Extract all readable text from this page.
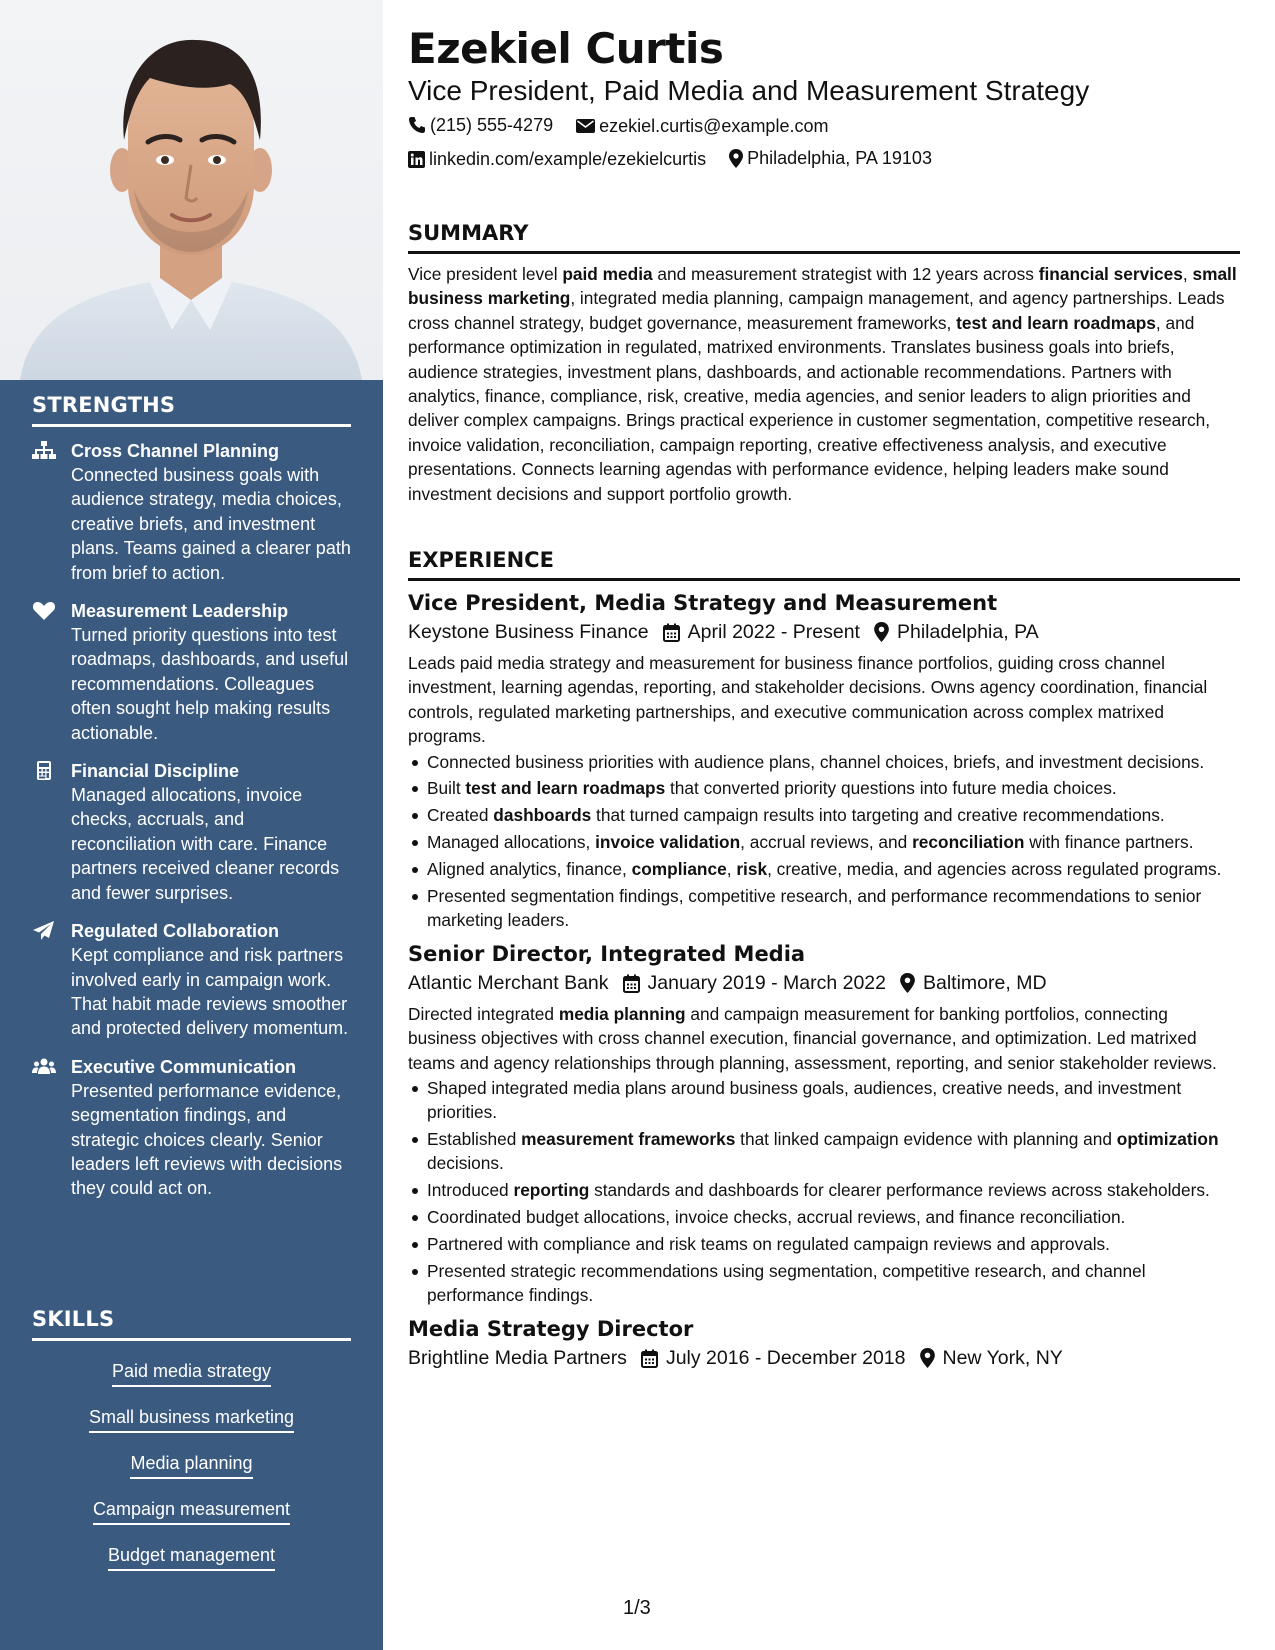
STRENGTHS
Cross Channel Planning
Connected business goals with audience strategy, media choices, creative briefs, and investment plans. Teams gained a clearer path from brief to action.
Measurement Leadership
Turned priority questions into test roadmaps, dashboards, and useful recommendations. Colleagues often sought help making results actionable.
Financial Discipline
Managed allocations, invoice checks, accruals, and reconciliation with care. Finance partners received cleaner records and fewer surprises.
Regulated Collaboration
Kept compliance and risk partners involved early in campaign work. That habit made reviews smoother and protected delivery momentum.
Executive Communication
Presented performance evidence, segmentation findings, and strategic choices clearly. Senior leaders left reviews with decisions they could act on.
SKILLS
Paid media strategy
Small business marketing
Media planning
Campaign measurement
Budget management
Ezekiel Curtis
Vice President, Paid Media and Measurement Strategy
(215) 555-4279
	ezekiel.curtis@example.com
linkedin.com/example/ezekielcurtis
Philadelphia, PA 19103
SUMMARY
Vice president level paid media and measurement strategist with 12 years across financial services, small business marketing, integrated media planning, campaign management, and agency partnerships. Leads cross channel strategy, budget governance, measurement frameworks, test and learn roadmaps, and performance optimization in regulated, matrixed environments. Translates business goals into briefs, audience strategies, investment plans, dashboards, and actionable recommendations. Partners with analytics, finance, compliance, risk, creative, media agencies, and senior leaders to align priorities and deliver complex campaigns. Brings practical experience in customer segmentation, competitive research, invoice validation, reconciliation, campaign reporting, creative effectiveness analysis, and executive presentations. Connects learning agendas with performance evidence, helping leaders make sound investment decisions and support portfolio growth.
EXPERIENCE
Vice President, Media Strategy and Measurement
Keystone Business Finance April 2022 - Present Philadelphia, PA
Leads paid media strategy and measurement for business finance portfolios, guiding cross channel investment, learning agendas, reporting, and stakeholder decisions. Owns agency coordination, financial controls, regulated marketing partnerships, and executive communication across complex matrixed programs.
Connected business priorities with audience plans, channel choices, briefs, and investment decisions.
Built test and learn roadmaps that converted priority questions into future media choices.
Created dashboards that turned campaign results into targeting and creative recommendations.
Managed allocations, invoice validation, accrual reviews, and reconciliation with finance partners.
Aligned analytics, finance, compliance, risk, creative, media, and agencies across regulated programs.
Presented segmentation findings, competitive research, and performance recommendations to senior marketing leaders.
Senior Director, Integrated Media
Atlantic Merchant Bank January 2019 - March 2022 Baltimore, MD
Directed integrated media planning and campaign measurement for banking portfolios, connecting business objectives with cross channel execution, financial governance, and optimization. Led matrixed teams and agency relationships through planning, assessment, reporting, and senior stakeholder reviews.
Shaped integrated media plans around business goals, audiences, creative needs, and investment priorities.
Established measurement frameworks that linked campaign evidence with planning and optimization decisions.
Introduced reporting standards and dashboards for clearer performance reviews across stakeholders.
Coordinated budget allocations, invoice checks, accrual reviews, and finance reconciliation.
Partnered with compliance and risk teams on regulated campaign reviews and approvals.
Presented strategic recommendations using segmentation, competitive research, and channel performance findings.
Media Strategy Director
Brightline Media Partners July 2016 - December 2018 New York, NY
1/3
